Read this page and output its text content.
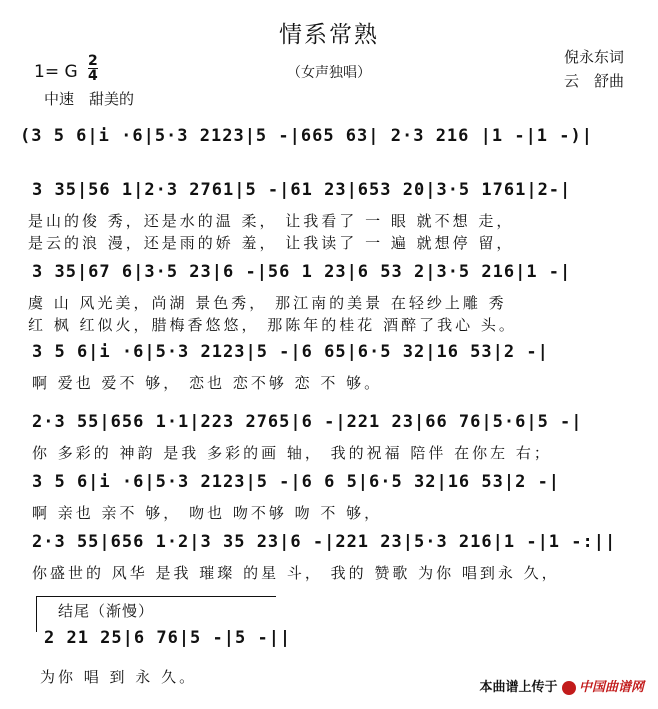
情系常熟
（女声独唱）
倪永东词
云　舒曲
1= G
2
4
中速　甜美的
(3 5 6|i ·6|5·3 2123|5 -|665 63| 2·3 216 |1 -|1 -)|
3 35|56 1|2·3 2761|5 -|61 23|653 20|3·5 1761|2-|
是山的俊 秀，还是水的温 柔， 让我看了 一 眼 就不想 走，
是云的浪 漫，还是雨的娇 羞， 让我读了 一 遍 就想停 留，
3 35|67 6|3·5 23|6 -|56 1 23|6 53 2|3·5 216|1 -|
虞 山 风光美，尚湖 景色秀， 那江南的美景 在轻纱上雕 秀
红 枫 红似火，腊梅香悠悠， 那陈年的桂花 酒醉了我心 头。
3 5 6|i ·6|5·3 2123|5 -|6 65|6·5 32|16 53|2 -|
啊 爱也 爱不 够， 恋也 恋不够 恋 不 够。
2·3 55|656 1·1|223 2765|6 -|221 23|66 76|5·6|5 -|
你 多彩的 神韵 是我 多彩的画 轴， 我的祝福 陪伴 在你左 右；
3 5 6|i ·6|5·3 2123|5 -|6 6 5|6·5 32|16 53|2 -|
啊 亲也 亲不 够， 吻也 吻不够 吻 不 够，
2·3 55|656 1·2|3 35 23|6 -|221 23|5·3 216|1 -|1 -:||
你盛世的 风华 是我 璀璨 的星 斗， 我的 赞歌 为你 唱到永 久，
结尾（渐慢）
2 21 25|6 76|5 -|5 -||
为你 唱 到 永 久。
本曲谱上传于 中国曲谱网
